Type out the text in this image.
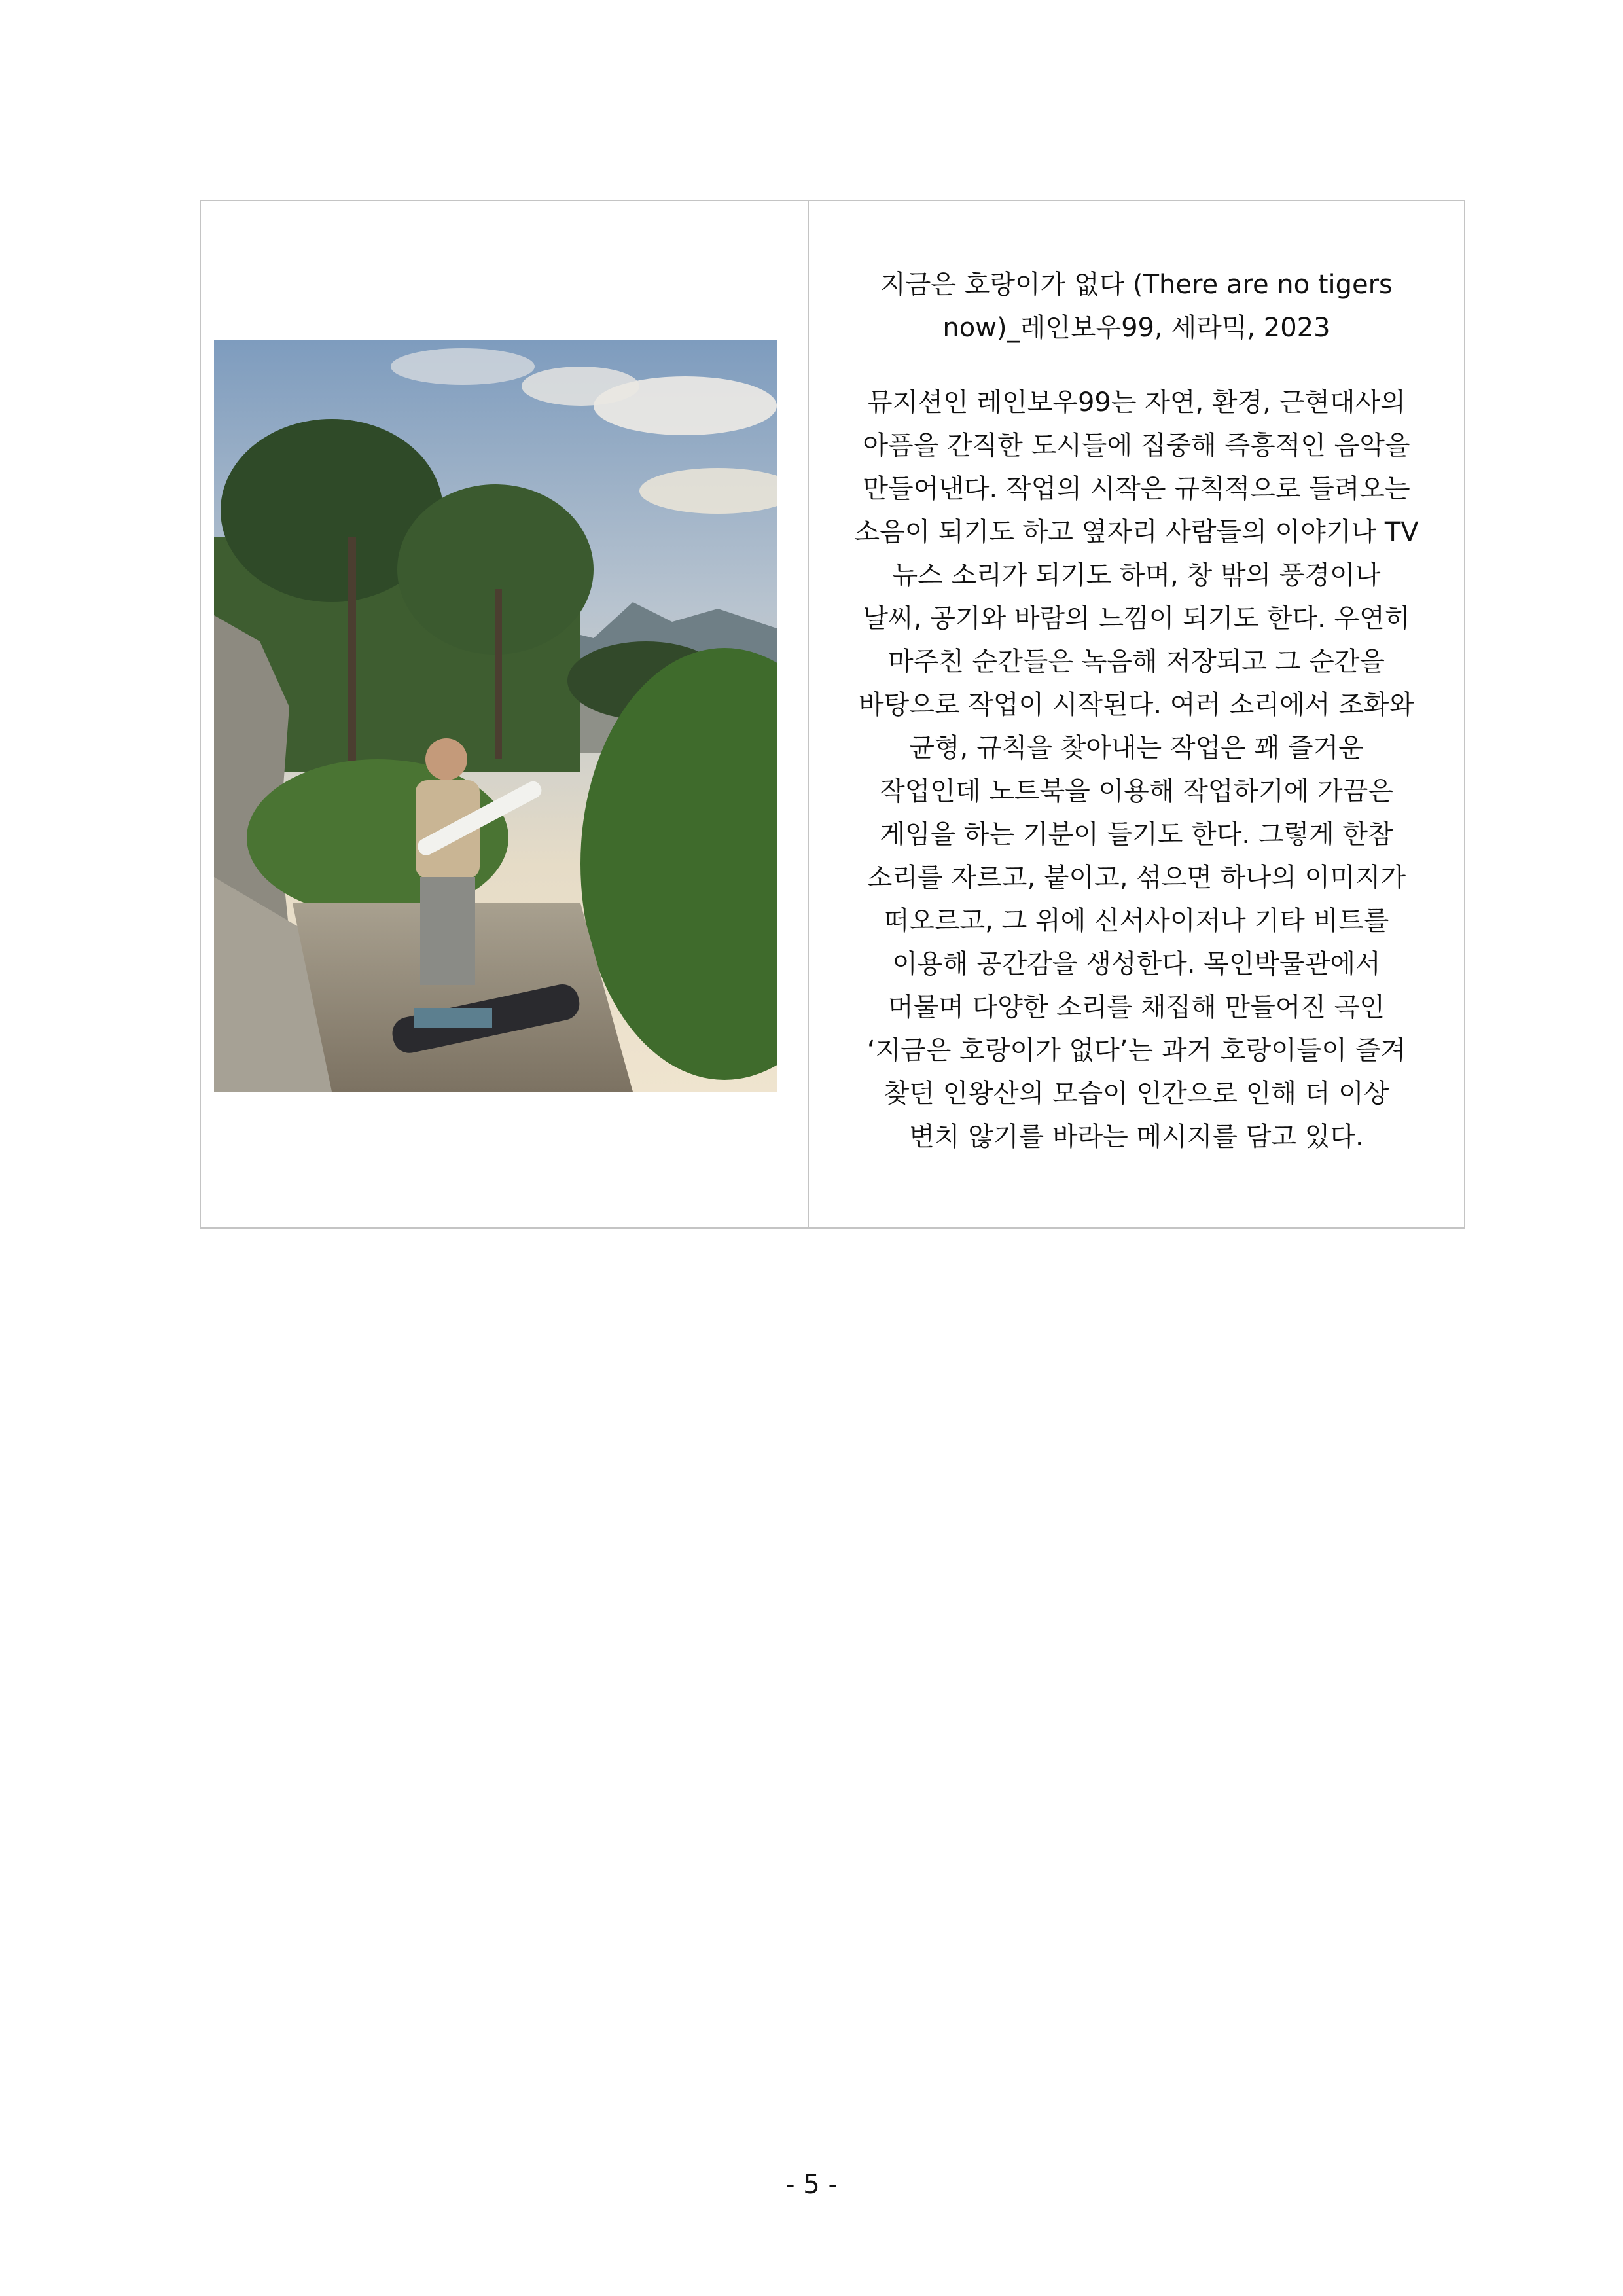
지금은 호랑이가 없다 (There are no tigers
now)_레인보우99, 세라믹, 2023

뮤지션인 레인보우99는 자연, 환경, 근현대사의
아픔을 간직한 도시들에 집중해 즉흥적인 음악을
만들어낸다. 작업의 시작은 규칙적으로 들려오는
소음이 되기도 하고 옆자리 사람들의 이야기나 TV
뉴스 소리가 되기도 하며, 창 밖의 풍경이나
날씨, 공기와 바람의 느낌이 되기도 한다. 우연히
마주친 순간들은 녹음해 저장되고 그 순간을
바탕으로 작업이 시작된다. 여러 소리에서 조화와
균형, 규칙을 찾아내는 작업은 꽤 즐거운
작업인데 노트북을 이용해 작업하기에 가끔은
게임을 하는 기분이 들기도 한다. 그렇게 한참
소리를 자르고, 붙이고, 섞으면 하나의 이미지가
떠오르고, 그 위에 신서사이저나 기타 비트를
이용해 공간감을 생성한다. 목인박물관에서
머물며 다양한 소리를 채집해 만들어진 곡인
‘지금은 호랑이가 없다’는 과거 호랑이들이 즐겨
찾던 인왕산의 모습이 인간으로 인해 더 이상
변치 않기를 바라는 메시지를 담고 있다.

- 5 -
